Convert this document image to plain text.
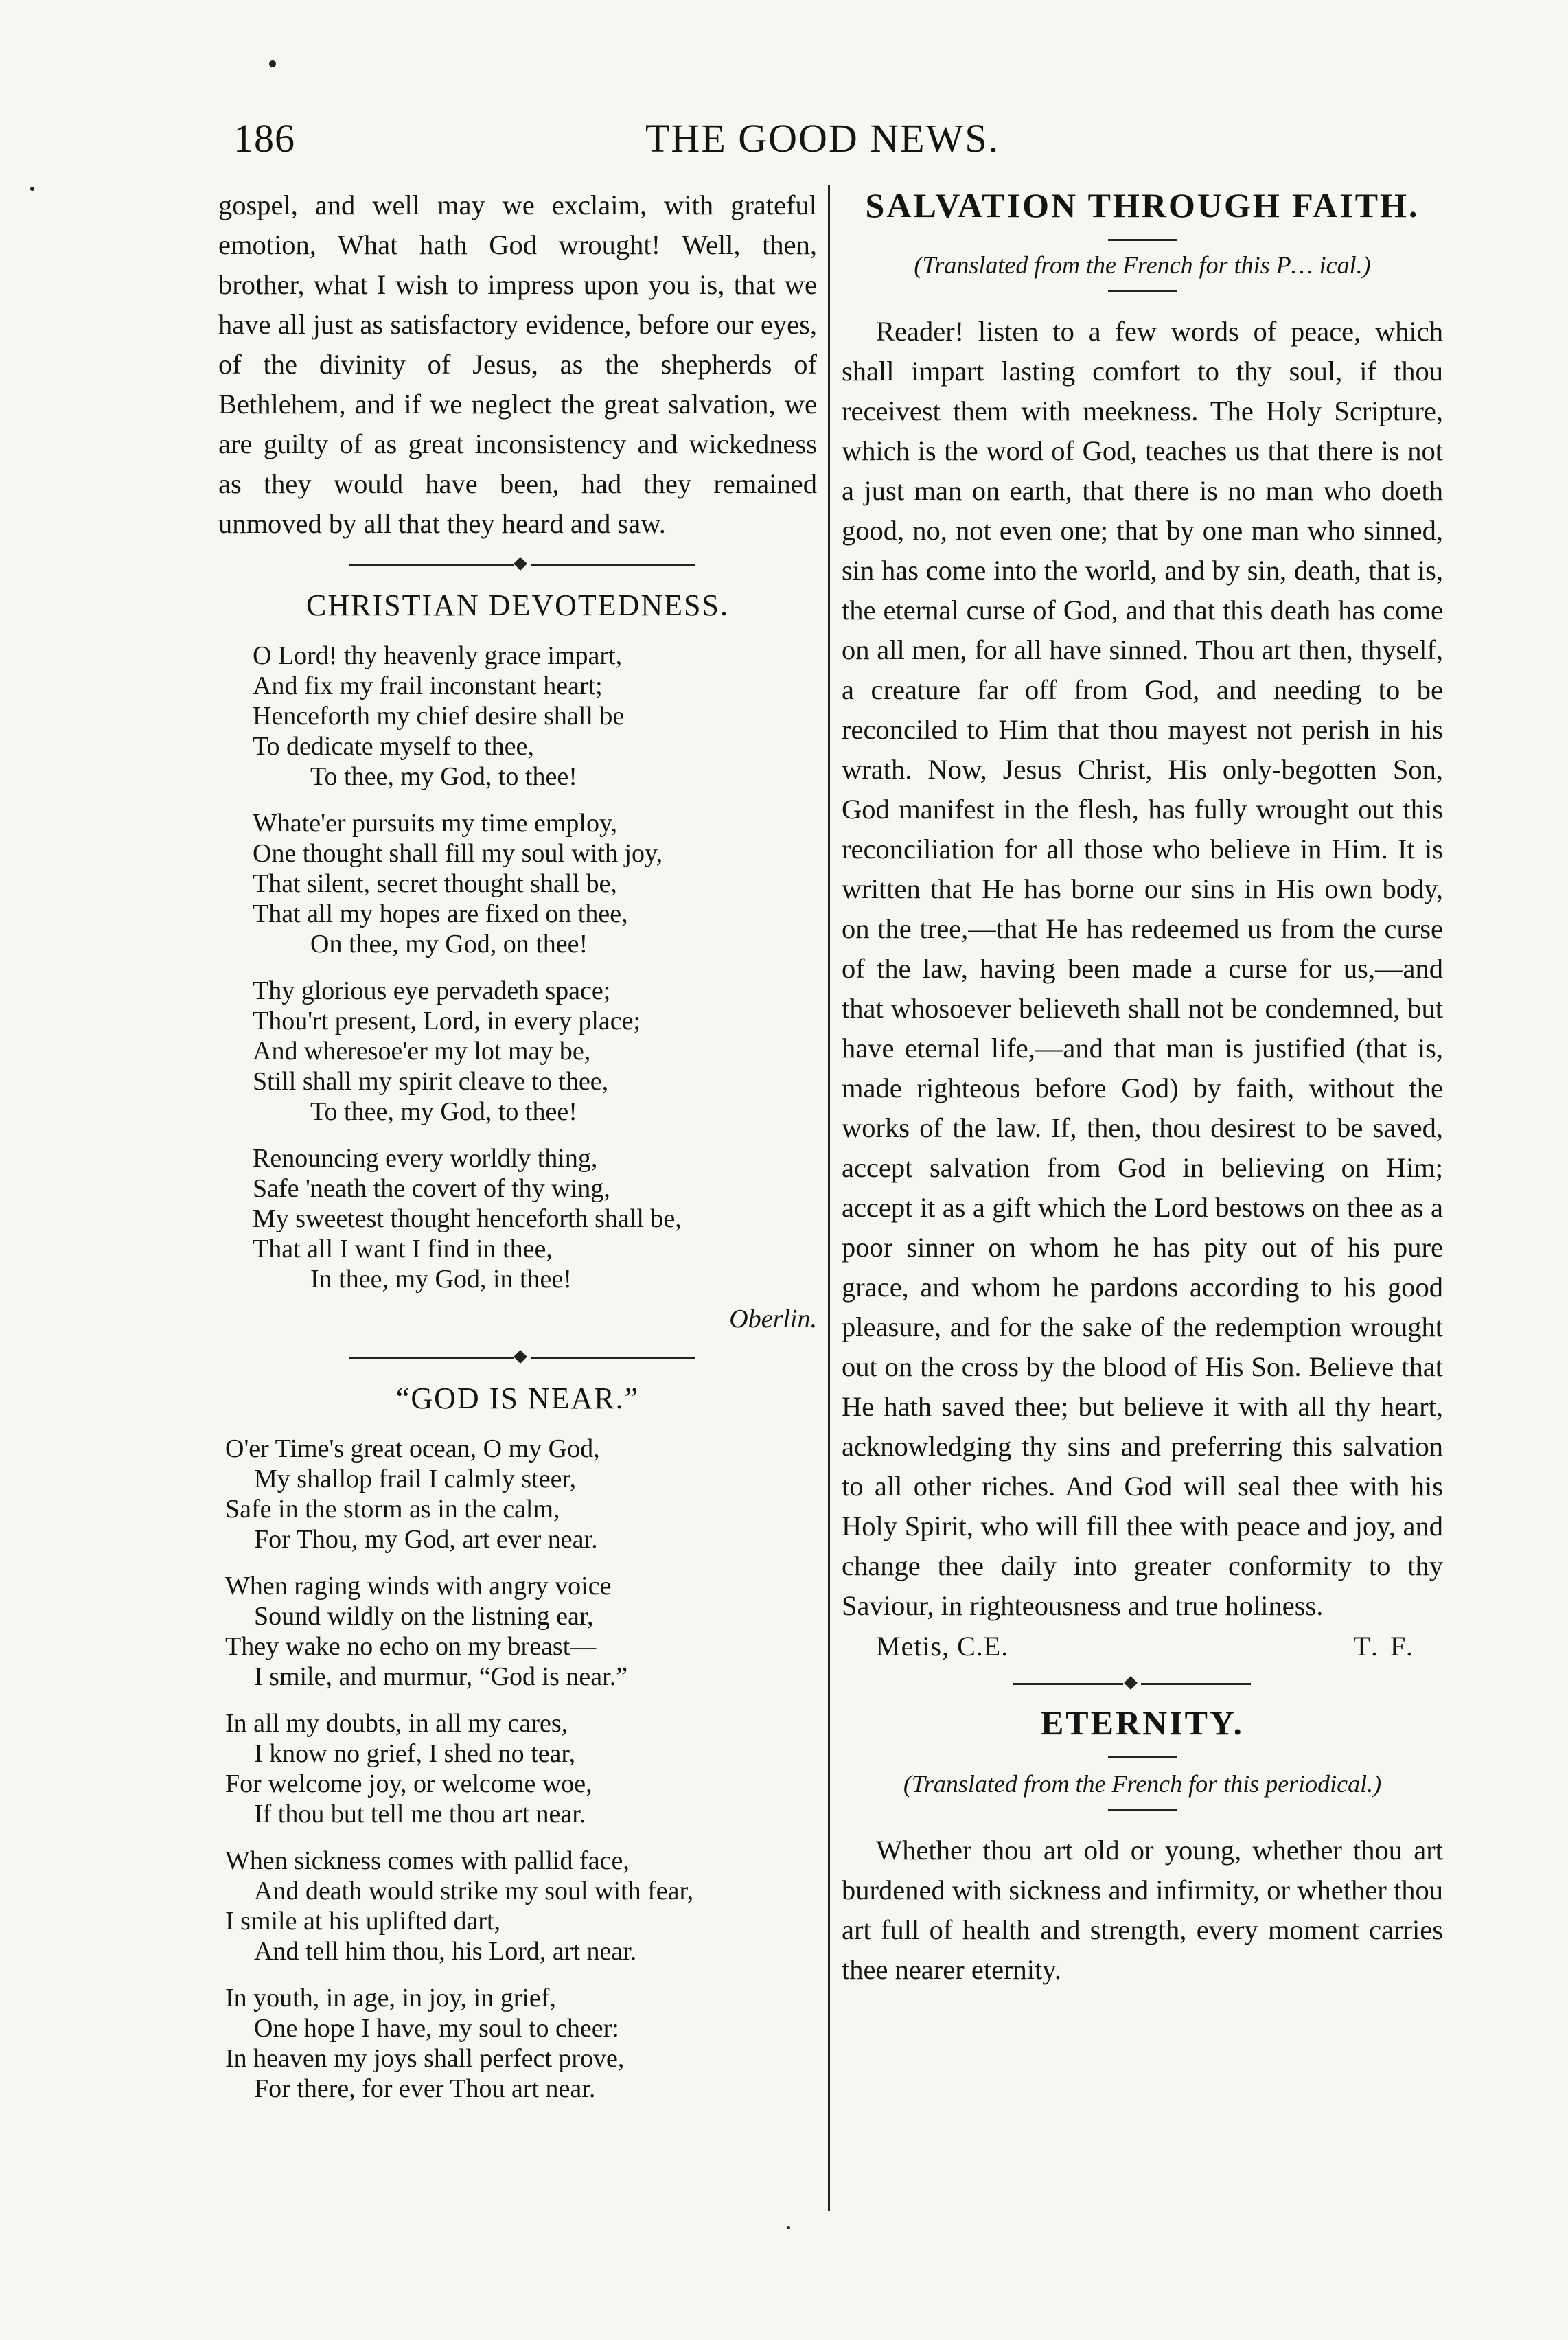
186	THE GOOD NEWS.

gospel, and well may we exclaim, with grateful emotion, What hath God wrought! Well, then, brother, what I wish to impress upon you is, that we have all just as satisfactory evidence, before our eyes, of the divinity of Jesus, as the shepherds of Bethlehem, and if we neglect the great salvation, we are guilty of as great inconsistency and wickedness as they would have been, had they remained unmoved by all that they heard and saw.

CHRISTIAN DEVOTEDNESS.

O Lord! thy heavenly grace impart,
And fix my frail inconstant heart;
Henceforth my chief desire shall be
To dedicate myself to thee,
To thee, my God, to thee!

Whate'er pursuits my time employ,
One thought shall fill my soul with joy,
That silent, secret thought shall be,
That all my hopes are fixed on thee,
On thee, my God, on thee!

Thy glorious eye pervadeth space;
Thou'rt present, Lord, in every place;
And wheresoe'er my lot may be,
Still shall my spirit cleave to thee,
To thee, my God, to thee!

Renouncing every worldly thing,
Safe 'neath the covert of thy wing,
My sweetest thought henceforth shall be,
That all I want I find in thee,
In thee, my God, in thee!

Oberlin.

“GOD IS NEAR.”

O'er Time's great ocean, O my God,
My shallop frail I calmly steer,
Safe in the storm as in the calm,
For Thou, my God, art ever near.

When raging winds with angry voice
Sound wildly on the listning ear,
They wake no echo on my breast—
I smile, and murmur, “God is near.”

In all my doubts, in all my cares,
I know no grief, I shed no tear,
For welcome joy, or welcome woe,
If thou but tell me thou art near.

When sickness comes with pallid face,
And death would strike my soul with fear,
I smile at his uplifted dart,
And tell him thou, his Lord, art near.

In youth, in age, in joy, in grief,
One hope I have, my soul to cheer:
In heaven my joys shall perfect prove,
For there, for ever Thou art near.

SALVATION THROUGH FAITH.

(Translated from the French for this P… ical.)

Reader! listen to a few words of peace, which shall impart lasting comfort to thy soul, if thou receivest them with meekness. The Holy Scripture, which is the word of God, teaches us that there is not a just man on earth, that there is no man who doeth good, no, not even one; that by one man who sinned, sin has come into the world, and by sin, death, that is, the eternal curse of God, and that this death has come on all men, for all have sinned. Thou art then, thyself, a creature far off from God, and needing to be reconciled to Him that thou mayest not perish in his wrath. Now, Jesus Christ, His only-begotten Son, God manifest in the flesh, has fully wrought out this reconciliation for all those who believe in Him. It is written that He has borne our sins in His own body, on the tree,—that He has redeemed us from the curse of the law, having been made a curse for us,—and that whosoever believeth shall not be condemned, but have eternal life,—and that man is justified (that is, made righteous before God) by faith, without the works of the law. If, then, thou desirest to be saved, accept salvation from God in believing on Him; accept it as a gift which the Lord bestows on thee as a poor sinner on whom he has pity out of his pure grace, and whom he pardons according to his good pleasure, and for the sake of the redemption wrought out on the cross by the blood of His Son. Believe that He hath saved thee; but believe it with all thy heart, acknowledging thy sins and preferring this salvation to all other riches. And God will seal thee with his Holy Spirit, who will fill thee with peace and joy, and change thee daily into greater conformity to thy Saviour, in righteousness and true holiness.

Metis, C.E.	T. F.

ETERNITY.

(Translated from the French for this periodical.)

Whether thou art old or young, whether thou art burdened with sickness and infirmity, or whether thou art full of health and strength, every moment carries thee nearer eternity.
